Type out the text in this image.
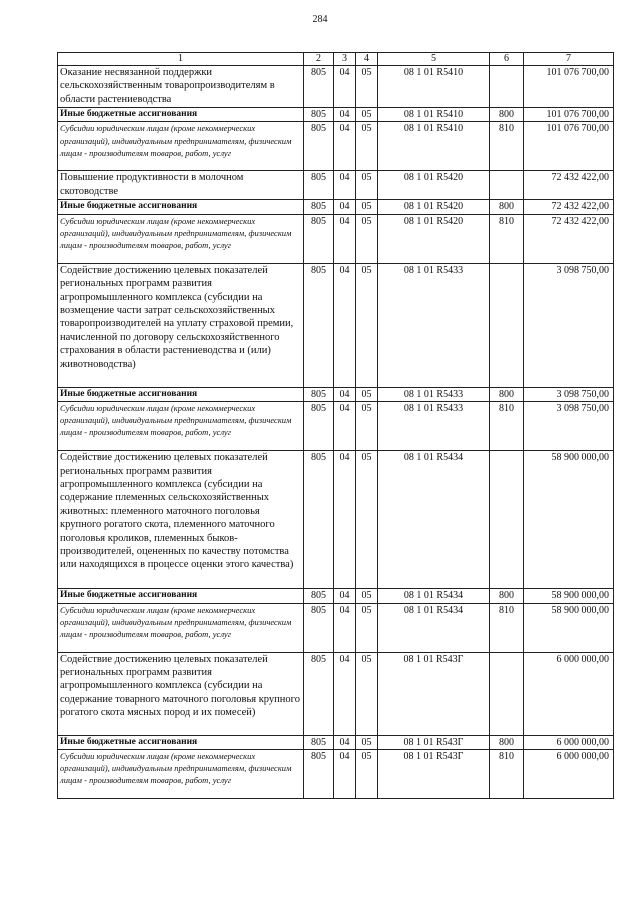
284
1	2	3	4	5	6	7
Оказание несвязанной поддержки сельскохозяйственным товаропроизводителям в области растениеводства	805	04	05	08 1 01 R5410		101 076 700,00
Иные бюджетные ассигнования	805	04	05	08 1 01 R5410	800	101 076 700,00
Субсидии юридическим лицам (кроме некоммерческих организаций), индивидуальным предпринимателям, физическим лицам - производителям товаров, работ, услуг	805	04	05	08 1 01 R5410	810	101 076 700,00
Повышение продуктивности в молочном скотоводстве	805	04	05	08 1 01 R5420		72 432 422,00
Иные бюджетные ассигнования	805	04	05	08 1 01 R5420	800	72 432 422,00
Субсидии юридическим лицам (кроме некоммерческих организаций), индивидуальным предпринимателям, физическим лицам - производителям товаров, работ, услуг	805	04	05	08 1 01 R5420	810	72 432 422,00
Содействие достижению целевых показателей региональных программ развития агропромышленного комплекса (субсидии на возмещение части затрат сельскохозяйственных товаропроизводителей на уплату страховой премии, начисленной по договору сельскохозяйственного страхования в области растениеводства и (или) животноводства)	805	04	05	08 1 01 R5433		3 098 750,00
Иные бюджетные ассигнования	805	04	05	08 1 01 R5433	800	3 098 750,00
Субсидии юридическим лицам (кроме некоммерческих организаций), индивидуальным предпринимателям, физическим лицам - производителям товаров, работ, услуг	805	04	05	08 1 01 R5433	810	3 098 750,00
Содействие достижению целевых показателей региональных программ развития агропромышленного комплекса (субсидии на содержание племенных сельскохозяйственных животных: племенного маточного поголовья крупного рогатого скота, племенного маточного поголовья кроликов, племенных быков-производителей, оцененных по качеству потомства или находящихся в процессе оценки этого качества)	805	04	05	08 1 01 R5434		58 900 000,00
Иные бюджетные ассигнования	805	04	05	08 1 01 R5434	800	58 900 000,00
Субсидии юридическим лицам (кроме некоммерческих организаций), индивидуальным предпринимателям, физическим лицам - производителям товаров, работ, услуг	805	04	05	08 1 01 R5434	810	58 900 000,00
Содействие достижению целевых показателей региональных программ развития агропромышленного комплекса (субсидии на содержание товарного маточного поголовья крупного рогатого скота мясных пород и их помесей)	805	04	05	08 1 01 R543Г		6 000 000,00
Иные бюджетные ассигнования	805	04	05	08 1 01 R543Г	800	6 000 000,00
Субсидии юридическим лицам (кроме некоммерческих организаций), индивидуальным предпринимателям, физическим лицам - производителям товаров, работ, услуг	805	04	05	08 1 01 R543Г	810	6 000 000,00
